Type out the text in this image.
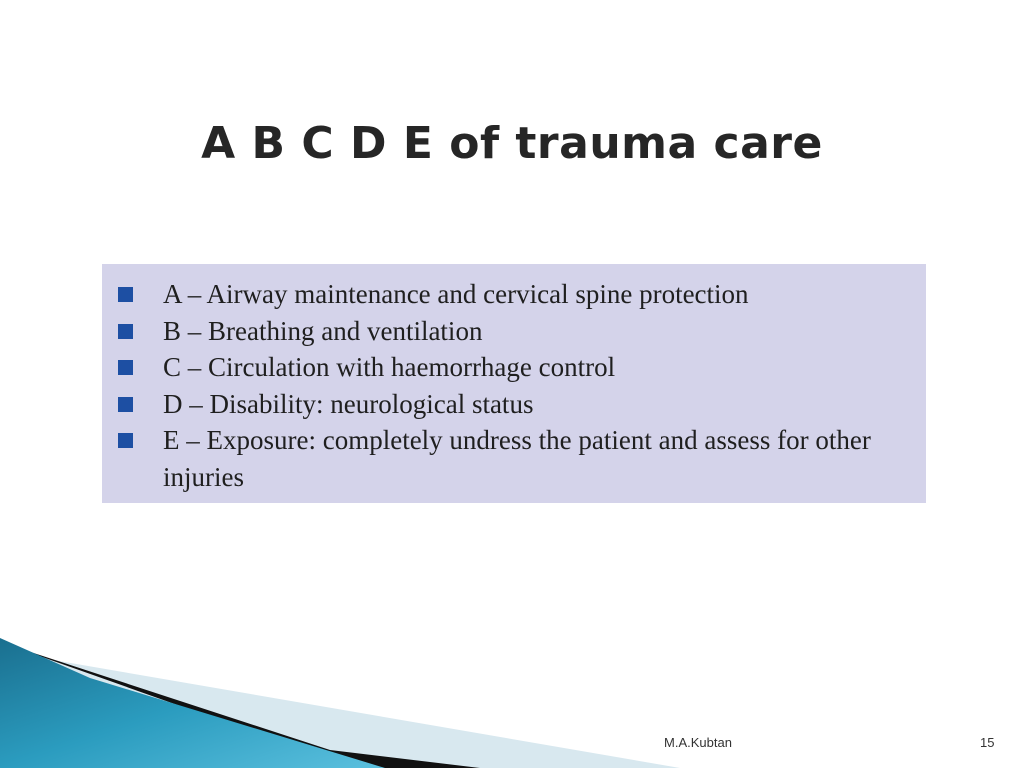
A B C D E of trauma care
A – Airway maintenance and cervical spine protection
B – Breathing and ventilation
C – Circulation with haemorrhage control
D – Disability: neurological status
E – Exposure: completely undress the patient and assess for other injuries
M.A.Kubtan	15
